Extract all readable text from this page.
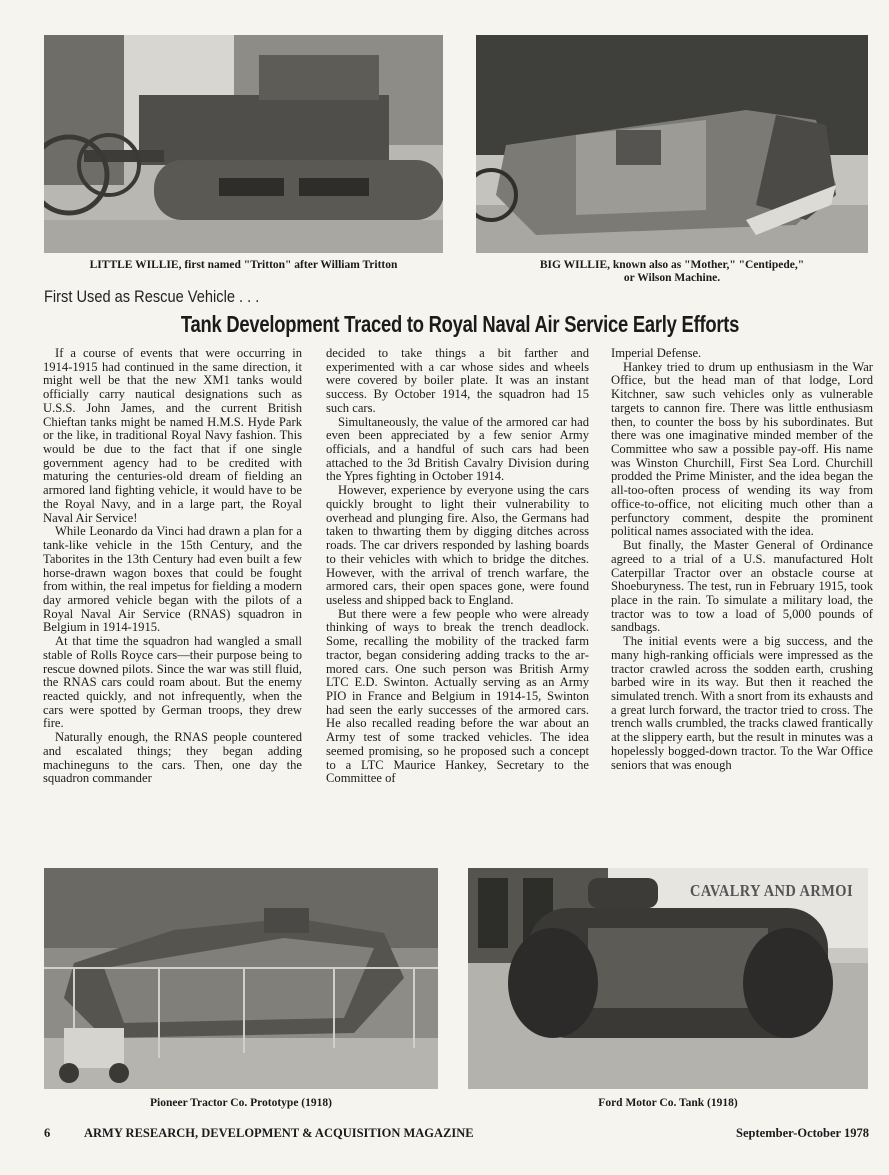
LITTLE WILLIE, first named "Tritton" after William Tritton	BIG WILLIE, known also as "Mother," "Centipede,"
or Wilson Machine.
First Used as Rescue Vehicle . . .
Tank Development Traced to Royal Naval Air Service Early Efforts

If a course of events that were occurring in 1914-1915 had continued in the same direction, it might well be that the new XM1 tanks would officially carry nautical designations such as U.S.S. John James, and the current British Chieftan tanks might be named H.M.S. Hyde Park or the like, in traditional Royal Navy fashion. This would be due to the fact that if one single government agency had to be credited with maturing the centuries-old dream of fielding an armored land fighting vehicle, it would have to be the Royal Navy, and in a large part, the Royal Naval Air Service!

While Leonardo da Vinci had drawn a plan for a tank-like vehicle in the 15th Century, and the Taborites in the 13th Century had even built a few horse-drawn wagon boxes that could be fought from within, the real impetus for fielding a modern day armored vehicle began with the pilots of a Royal Naval Air Service (RNAS) squadron in Belgium in 1914-1915.

At that time the squadron had wangled a small stable of Rolls Royce cars—their purpose being to rescue downed pilots. Since the war was still fluid, the RNAS cars could roam about. But the enemy reacted quickly, and not infrequently, when the cars were spotted by German troops, they drew fire.

Naturally enough, the RNAS people countered and escalated things; they began adding machineguns to the cars. Then, one day the squadron commander

decided to take things a bit farther and experimented with a car whose sides and wheels were covered by boiler plate. It was an instant success. By October 1914, the squadron had 15 such cars.

Simultaneously, the value of the armored car had even been appreciated by a few senior Army officials, and a handful of such cars had been attached to the 3d British Cavalry Division during the Ypres fighting in October 1914.

However, experience by everyone using the cars quickly brought to light their vulnerability to overhead and plunging fire. Also, the Germans had taken to thwarting them by digging ditches across roads. The car drivers responded by lashing boards to their vehicles with which to bridge the ditches. However, with the arrival of trench warfare, the armored cars, their open spaces gone, were found useless and shipped back to England.

But there were a few people who were already thinking of ways to break the trench deadlock. Some, recalling the mobility of the tracked farm tractor, began considering adding tracks to the armored cars. One such person was British Army LTC E.D. Swinton. Actually serving as an Army PIO in France and Belgium in 1914-15, Swinton had seen the early successes of the armored cars. He also recalled reading before the war about an Army test of some tracked vehicles. The idea seemed promising, so he proposed such a concept to a LTC Maurice Hankey, Secretary to the Committee of

Imperial Defense.

Hankey tried to drum up enthusiasm in the War Office, but the head man of that lodge, Lord Kitchner, saw such vehicles only as vulnerable targets to cannon fire. There was little enthusiasm then, to counter the boss by his subordinates. But there was one imaginative minded member of the Committee who saw a possible pay-off. His name was Winston Churchill, First Sea Lord. Churchill prodded the Prime Minister, and the idea began the all-too-often process of wending its way from office-to-office, not eliciting much other than a perfunctory comment, despite the prominent political names associated with the idea.

But finally, the Master General of Ordinance agreed to a trial of a U.S. manufactured Holt Caterpillar Tractor over an obstacle course at Shoeburyness. The test, run in February 1915, took place in the rain. To simulate a military load, the tractor was to tow a load of 5,000 pounds of sandbags.

The initial events were a big success, and the many high-ranking officials were impressed as the tractor crawled across the sodden earth, crushing barbed wire in its way. But then it reached the simulated trench. With a snort from its exhausts and a great lurch forward, the tractor tried to cross. The trench walls crumbled, the tracks clawed frantically at the slippery earth, but the result in minutes was a hopelessly bogged-down tractor. To the War Office seniors that was enough

CAVALRY AND ARMOI
Pioneer Tractor Co. Prototype (1918)	Ford Motor Co. Tank (1918)
6	ARMY RESEARCH, DEVELOPMENT & ACQUISITION MAGAZINE	September-October 1978
